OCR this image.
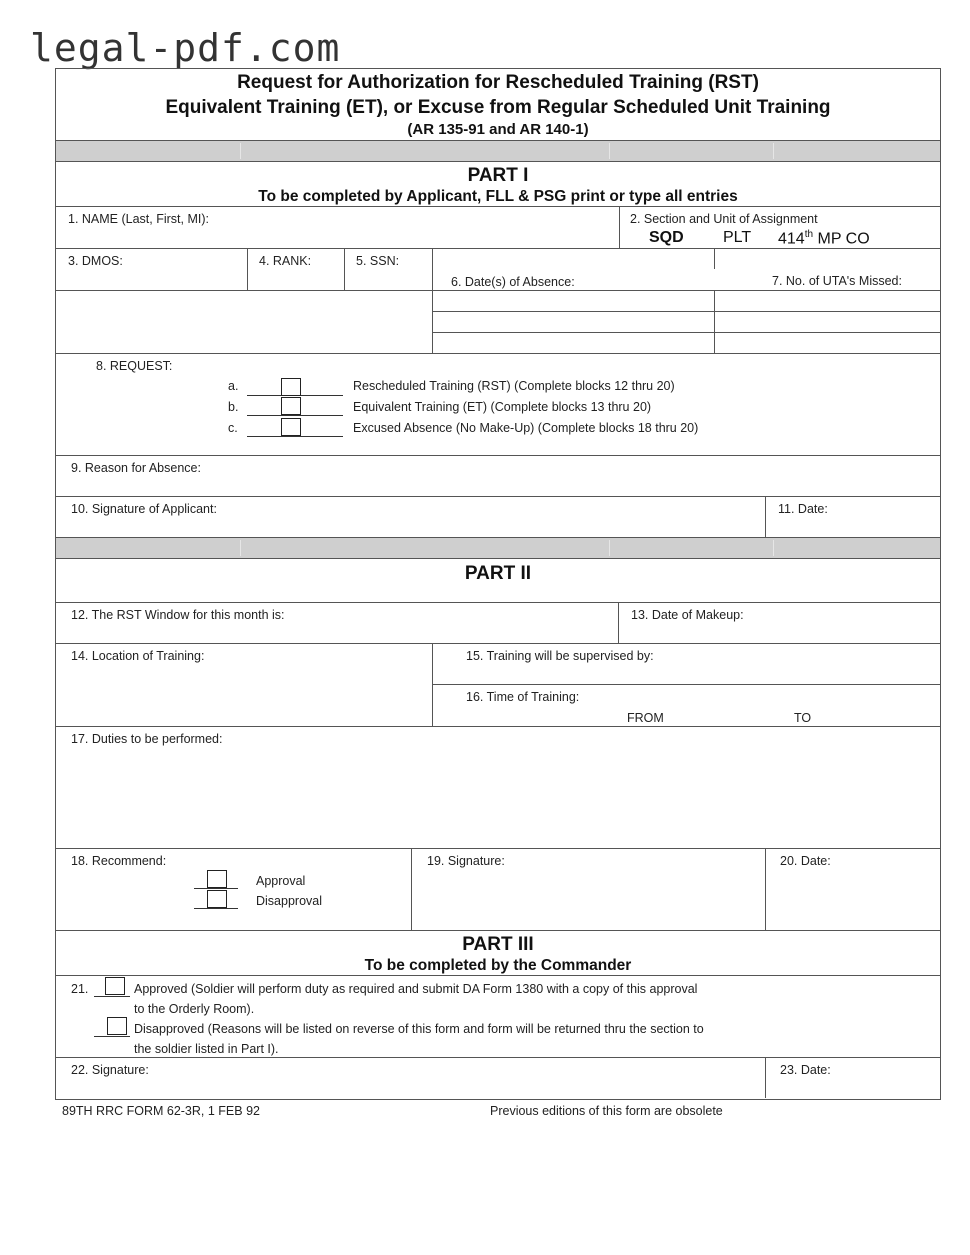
legal-pdf.com
Request for Authorization for Rescheduled Training (RST)
Equivalent Training (ET), or Excuse from Regular Scheduled Unit Training
(AR 135-91 and AR 140-1)
PART I
To be completed by Applicant, FLL & PSG print or type all entries
1. NAME (Last, First, MI):	2. Section and Unit of Assignment
SQD PLT 414th MP CO
3. DMOS:	4. RANK:	5. SSN:
6. Date(s) of Absence:	7. No. of UTA's Missed:
8. REQUEST:
a.	Rescheduled Training (RST) (Complete blocks 12 thru 20)
b.	Equivalent Training (ET) (Complete blocks 13 thru 20)
c.	Excused Absence (No Make-Up) (Complete blocks 18 thru 20)
9. Reason for Absence:
10. Signature of Applicant:	11. Date:
PART II
12. The RST Window for this month is:	13. Date of Makeup:
14. Location of Training:	15. Training will be supervised by:
16. Time of Training:
FROM	TO
17. Duties to be performed:
18. Recommend:
Approval
Disapproval
19. Signature:	20. Date:
PART III
To be completed by the Commander
21.	Approved (Soldier will perform duty as required and submit DA Form 1380 with a copy of this approval
to the Orderly Room).
Disapproved (Reasons will be listed on reverse of this form and form will be returned thru the section to
the soldier listed in Part I).
22. Signature:	23. Date:
89TH RRC FORM 62-3R, 1 FEB 92	Previous editions of this form are obsolete
